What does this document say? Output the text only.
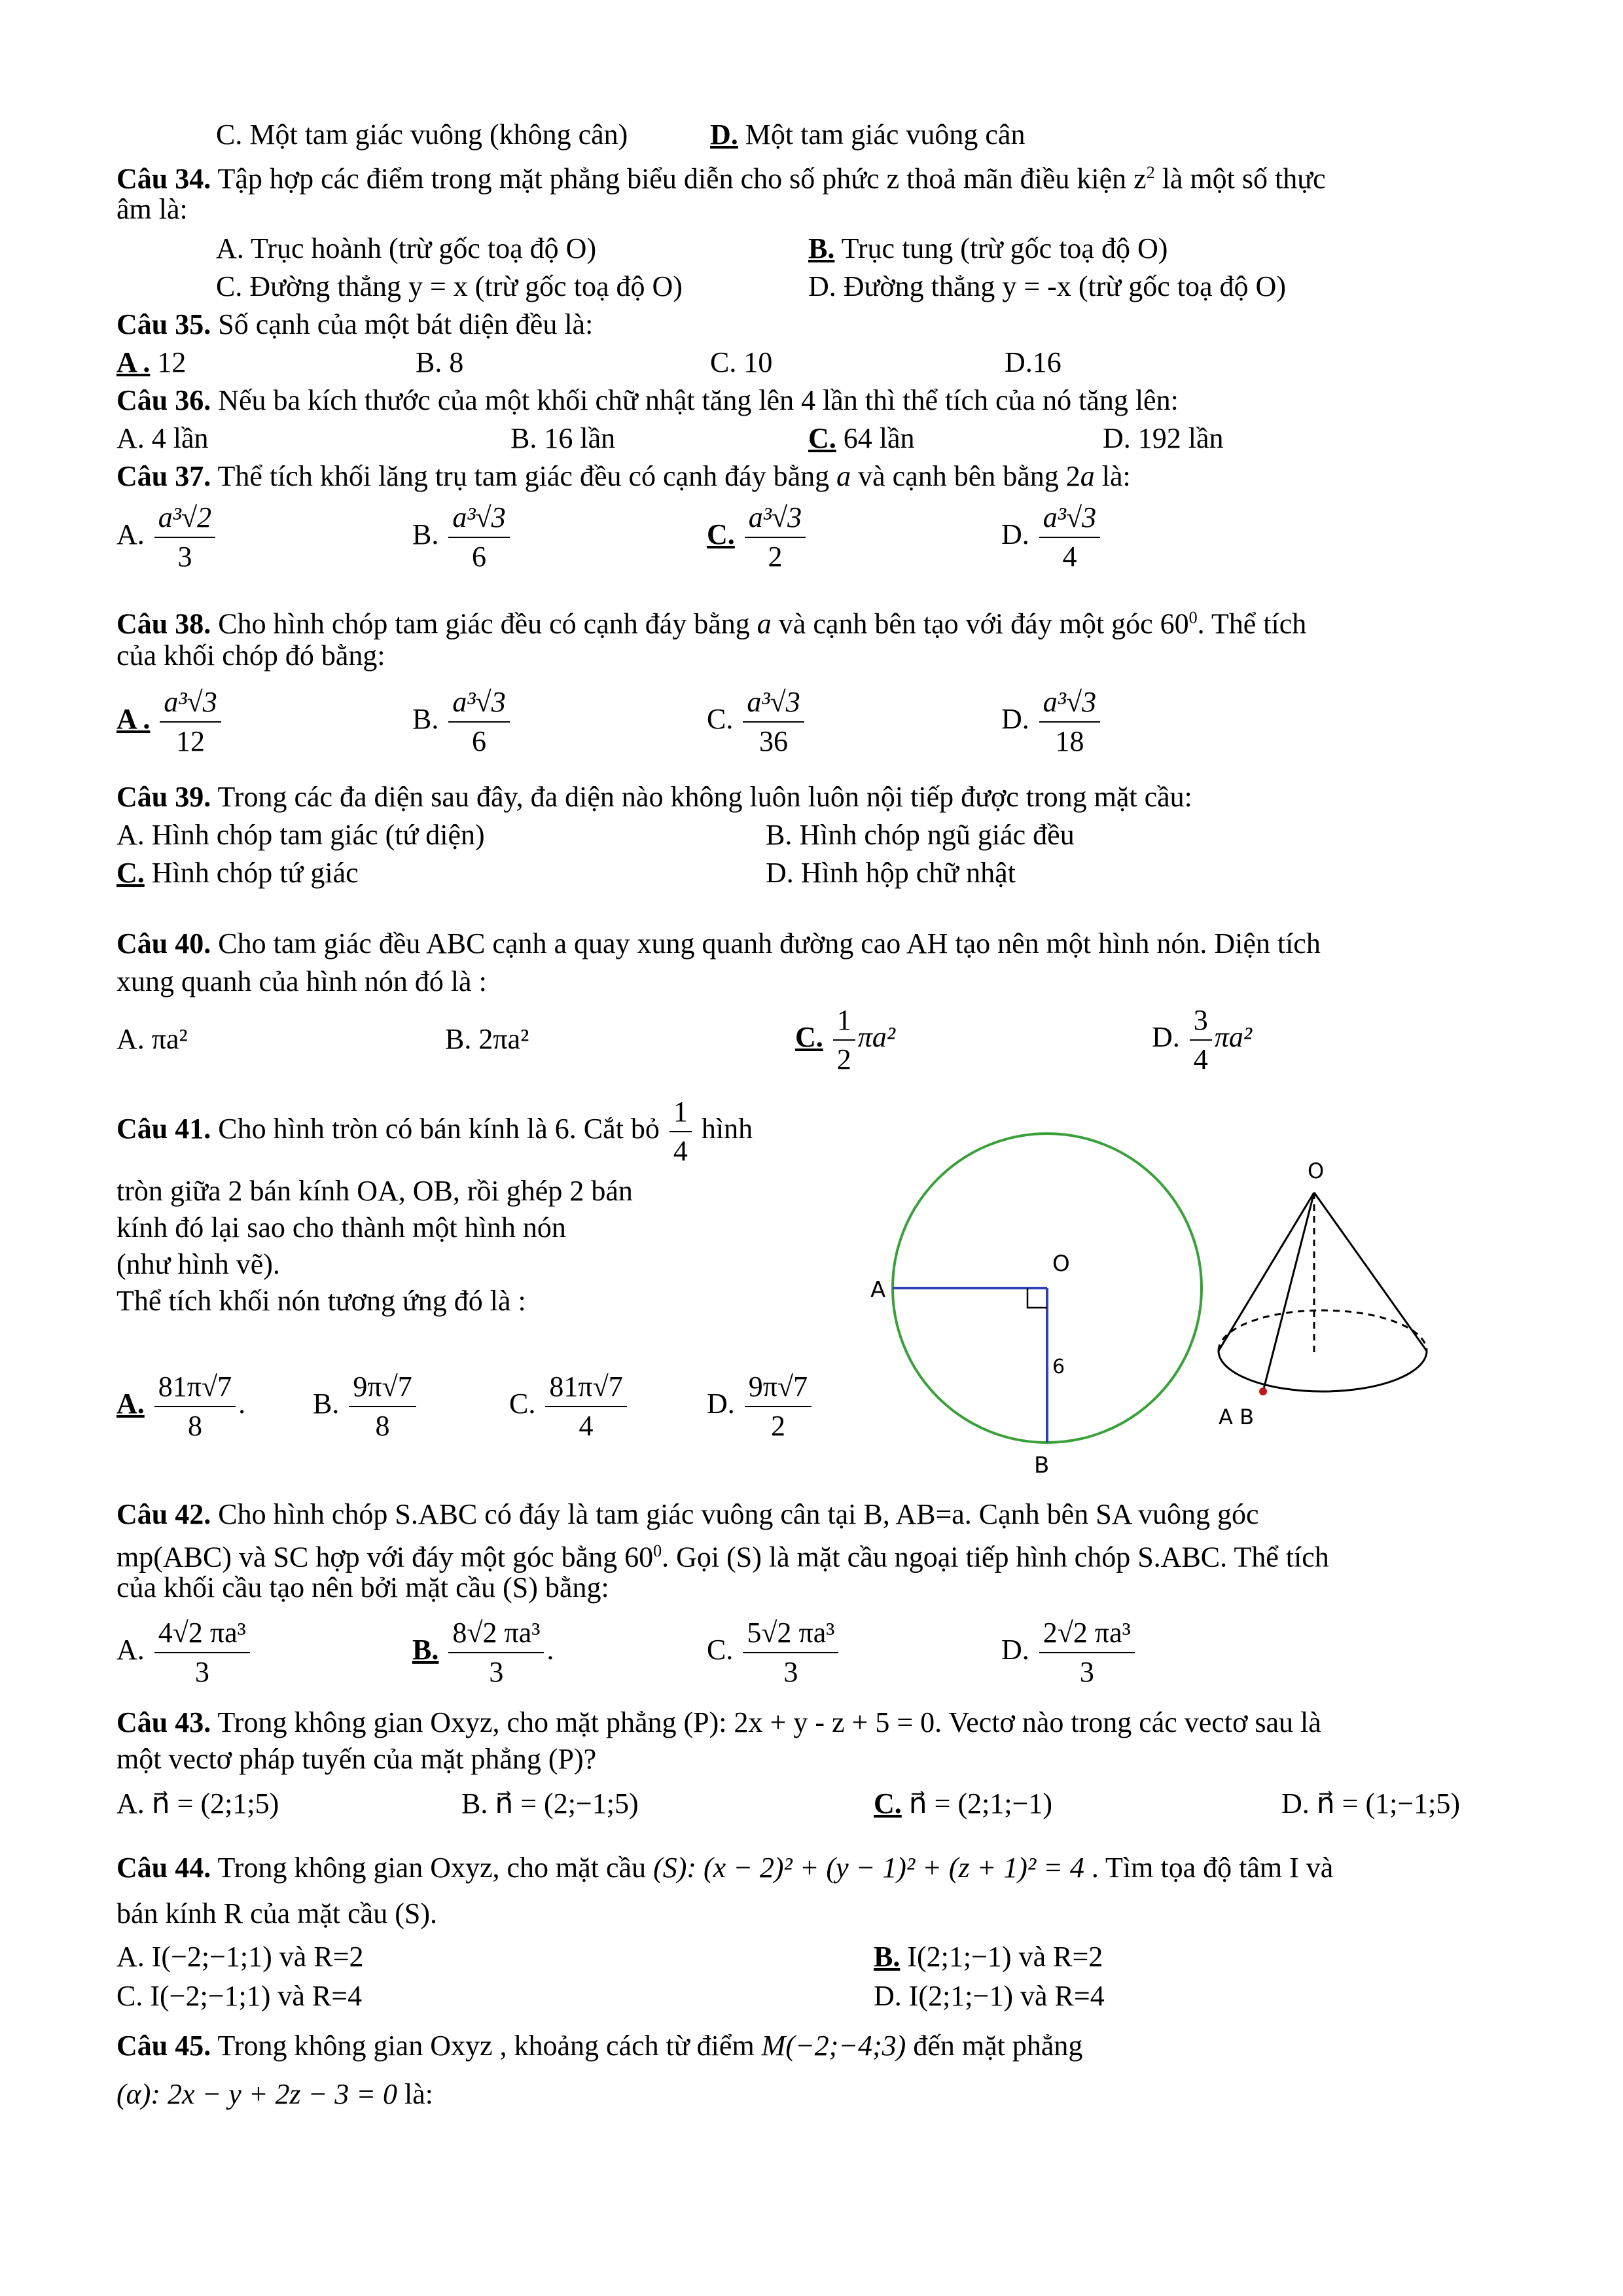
C. Một tam giác vuông (không cân)	D. Một tam giác vuông cân
Câu 34. Tập hợp các điểm trong mặt phẳng biểu diễn cho số phức z thoả mãn điều kiện $z^2$ là một số thực
âm là:
A. Trục hoành (trừ gốc toạ độ O)	B. Trục tung (trừ gốc toạ độ O)
C. Đường thẳng y = x (trừ gốc toạ độ O)	D. Đường thẳng y = -x (trừ gốc toạ độ O)
Câu 35. Số cạnh của một bát diện đều là:
A . 12	B. 8	C. 10	D.16
Câu 36. Nếu ba kích thước của một khối chữ nhật tăng lên 4 lần thì thể tích của nó tăng lên:
A. 4 lần	B. 16 lần	C. 64 lần	D. 192 lần
Câu 37. Thể tích khối lăng trụ tam giác đều có cạnh đáy bằng a và cạnh bên bằng 2a là:
A. $\frac{\text{a³√2}}{3}$	B. $\frac{\text{a³√3}}{6}$	C. $\frac{\text{a³√3}}{2}$	D. $\frac{\text{a³√3}}{4}$
Câu 38. Cho hình chóp tam giác đều có cạnh đáy bằng a và cạnh bên tạo với đáy một góc $60^0$. Thể tích
của khối chóp đó bằng:
A . $\frac{\text{a³√3}}{12}$	B. $\frac{\text{a³√3}}{6}$	C. $\frac{\text{a³√3}}{36}$	D. $\frac{\text{a³√3}}{18}$
Câu 39. Trong các đa diện sau đây, đa diện nào không luôn luôn nội tiếp được trong mặt cầu:
A. Hình chóp tam giác (tứ diện)	B. Hình chóp ngũ giác đều
C. Hình chóp tứ giác	D. Hình hộp chữ nhật
Câu 40. Cho tam giác đều ABC cạnh a quay xung quanh đường cao AH tạo nên một hình nón. Diện tích
xung quanh của hình nón đó là :
A. πa²	B. 2πa²	C. $\frac{1}{2} \pi a^2$	D. $\frac{3}{4} \pi a^2$
Câu 41. Cho hình tròn có bán kính là 6. Cắt bỏ $\frac{1}{4}$ hình
tròn giữa 2 bán kính OA, OB, rồi ghép 2 bán
kính đó lại sao cho thành một hình nón
(như hình vẽ).
Thể tích khối nón tương ứng đó là :
A. $\frac{81\pi√7}{8}$ . B. $\frac{9\pi√7}{8}$	C. $\frac{81\pi√7}{4}$	D. $\frac{9\pi√7}{2}$
O
A
B
6
O
A B
Câu 42. Cho hình chóp S.ABC có đáy là tam giác vuông cân tại B, AB=a. Cạnh bên SA vuông góc
mp(ABC) và SC hợp với đáy một góc bằng $60^0$. Gọi (S) là mặt cầu ngoại tiếp hình chóp S.ABC. Thể tích
của khối cầu tạo nên bởi mặt cầu (S) bằng:
A. $\frac{\text{4√2 πa³}}{3}$	B. $\frac{\text{8√2 πa³}}{3}$ .	C. $\frac{\text{5√2 πa³}}{3}$	D. $\frac{\text{2√2 πa³}}{3}$
Câu 43. Trong không gian Oxyz, cho mặt phẳng (P): 2x + y - z + 5 = 0. Vectơ nào trong các vectơ sau là
một vectơ pháp tuyến của mặt phẳng (P)?
A. n⃗ = (2;1;5)	B. n⃗ = (2;−1;5)	C. n⃗ = (2;1;−1)	D. n⃗ = (1;−1;5)
Câu 44. Trong không gian Oxyz, cho mặt cầu (S): (x − 2)² + (y − 1)² + (z + 1)² = 4 . Tìm tọa độ tâm I và
bán kính R của mặt cầu (S).
A. I(−2;−1;1) và R=2	B. I(2;1;−1) và R=2
C. I(−2;−1;1) và R=4	D. I(2;1;−1) và R=4
Câu 45. Trong không gian Oxyz , khoảng cách từ điểm M(−2;−4;3) đến mặt phẳng
(α): 2x − y + 2z − 3 = 0 là:
